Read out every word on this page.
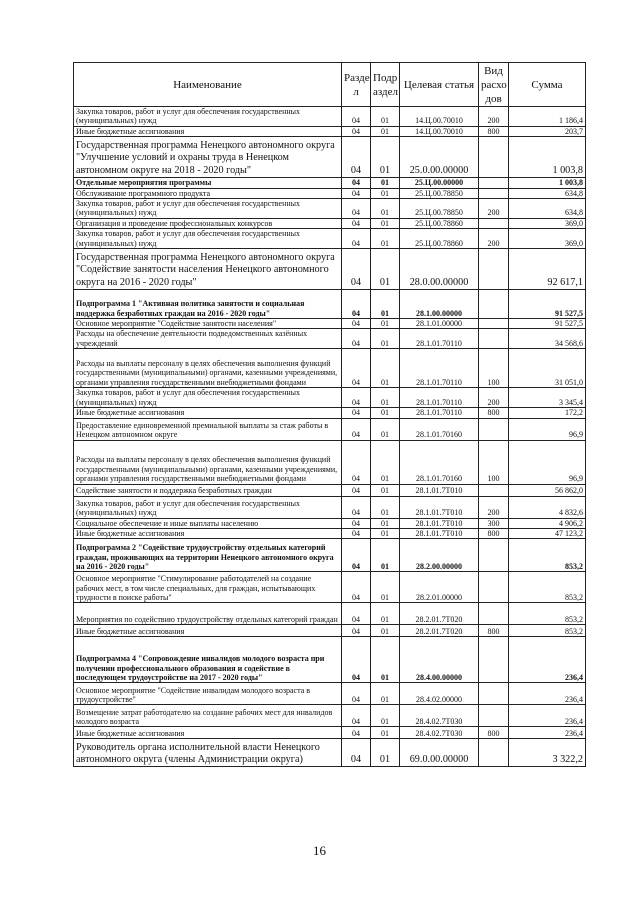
Наименование	Разде л	Подр аздел	Целевая статья	Вид расхо дов	Сумма
Закупка товаров, работ и услуг для обеспечения государственных (муниципальных) нужд	04	01	14.Ц.00.70010	200	1 186,4
Иные бюджетные ассигнования	04	01	14.Ц.00.70010	800	203,7
Государственная программа Ненецкого автономного округа "Улучшение условий и охраны труда в Ненецком автономном округе на 2018 - 2020 годы"	04	01	25.0.00.00000		1 003,8
Отдельные мероприятия программы	04	01	25.Ц.00.00000		1 003,8
Обслуживание программного продукта	04	01	25.Ц.00.78850		634,8
Закупка товаров, работ и услуг для обеспечения государственных (муниципальных) нужд	04	01	25.Ц.00.78850	200	634,8
Организация и проведение профессиональных конкурсов	04	01	25.Ц.00.78860		369,0
Закупка товаров, работ и услуг для обеспечения государственных (муниципальных) нужд	04	01	25.Ц.00.78860	200	369,0
Государственная программа Ненецкого автономного округа "Содействие занятости населения Ненецкого автономного округа на 2016 - 2020 годы"	04	01	28.0.00.00000		92 617,1
Подпрограмма 1 "Активная политика занятости и социальная поддержка безработных граждан на 2016 - 2020 годы"	04	01	28.1.00.00000		91 527,5
Основное мероприятие "Содействие занятости населения"	04	01	28.1.01.00000		91 527,5
Расходы на обеспечение деятельности подведомственных казённых учреждений	04	01	28.1.01.70110		34 568,6
Расходы на выплаты персоналу в целях обеспечения выполнения функций государственными (муниципальными) органами, казенными учреждениями, органами управления государственными внебюджетными фондами	04	01	28.1.01.70110	100	31 051,0
Закупка товаров, работ и услуг для обеспечения государственных (муниципальных) нужд	04	01	28.1.01.70110	200	3 345,4
Иные бюджетные ассигнования	04	01	28.1.01.70110	800	172,2
Предоставление единовременной премиальной выплаты за стаж работы в Ненецком автономном округе	04	01	28.1.01.70160		96,9
Расходы на выплаты персоналу в целях обеспечения выполнения функций государственными (муниципальными) органами, казенными учреждениями, органами управления государственными внебюджетными фондами	04	01	28.1.01.70160	100	96,9
Содействие занятости и поддержка безработных граждан	04	01	28.1.01.7Т010		56 862,0
Закупка товаров, работ и услуг для обеспечения государственных (муниципальных) нужд	04	01	28.1.01.7Т010	200	4 832,6
Социальное обеспечение и иные выплаты населению	04	01	28.1.01.7Т010	300	4 906,2
Иные бюджетные ассигнования	04	01	28.1.01.7Т010	800	47 123,2
Подпрограмма 2 "Содействие трудоустройству отдельных категорий граждан, проживающих на территории Ненецкого автономного округа на 2016 - 2020 годы"	04	01	28.2.00.00000		853,2
Основное мероприятие "Стимулирование работодателей на создание рабочих мест, в том числе специальных, для граждан, испытывающих трудности в поиске работы"	04	01	28.2.01.00000		853,2
Мероприятия по содействию трудоустройству отдельных категорий граждан	04	01	28.2.01.7Т020		853,2
Иные бюджетные ассигнования	04	01	28.2.01.7Т020	800	853,2
Подпрограмма 4 "Сопровождение инвалидов молодого возраста при получении профессионального образования и содействие в последующем трудоустройстве на 2017 - 2020 годы"	04	01	28.4.00.00000		236,4
Основное мероприятие "Содействие инвалидам молодого возраста в трудоустройстве"	04	01	28.4.02.00000		236,4
Возмещение затрат работодателю на создание рабочих мест для инвалидов молодого возраста	04	01	28.4.02.7Т030		236,4
Иные бюджетные ассигнования	04	01	28.4.02.7Т030	800	236,4
Руководитель органа исполнительной власти Ненецкого автономного округа (члены Администрации округа)	04	01	69.0.00.00000		3 322,2
16
